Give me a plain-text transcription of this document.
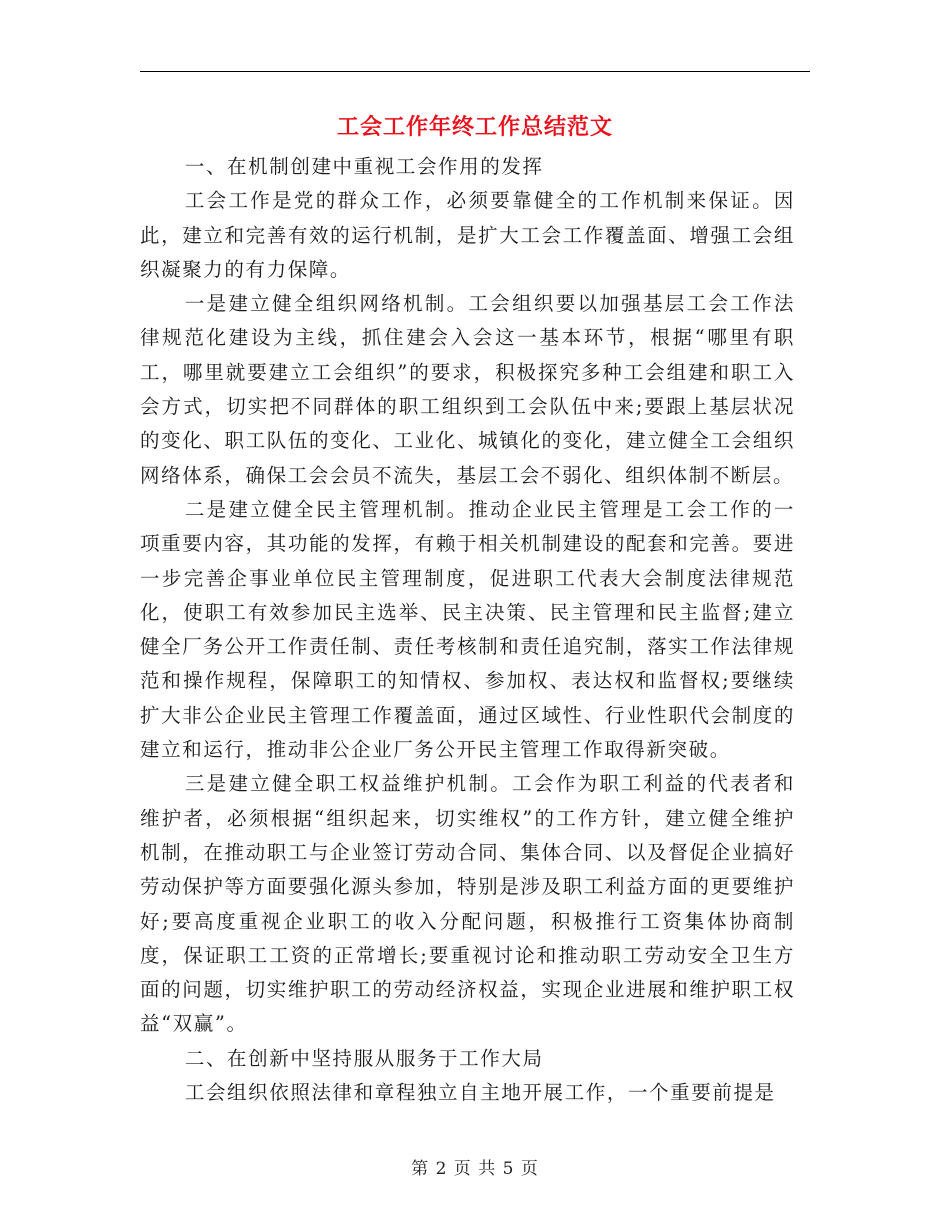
工会工作年终工作总结范文

一、在机制创建中重视工会作用的发挥

工会工作是党的群众工作，必须要靠健全的工作机制来保证。因此，建立和完善有效的运行机制，是扩大工会工作覆盖面、增强工会组织凝聚力的有力保障。

一是建立健全组织网络机制。工会组织要以加强基层工会工作法律规范化建设为主线，抓住建会入会这一基本环节，根据“哪里有职工，哪里就要建立工会组织”的要求，积极探究多种工会组建和职工入会方式，切实把不同群体的职工组织到工会队伍中来;要跟上基层状况的变化、职工队伍的变化、工业化、城镇化的变化，建立健全工会组织网络体系，确保工会会员不流失，基层工会不弱化、组织体制不断层。

二是建立健全民主管理机制。推动企业民主管理是工会工作的一项重要内容，其功能的发挥，有赖于相关机制建设的配套和完善。要进一步完善企事业单位民主管理制度，促进职工代表大会制度法律规范化，使职工有效参加民主选举、民主决策、民主管理和民主监督;建立健全厂务公开工作责任制、责任考核制和责任追究制，落实工作法律规范和操作规程，保障职工的知情权、参加权、表达权和监督权;要继续扩大非公企业民主管理工作覆盖面，通过区域性、行业性职代会制度的建立和运行，推动非公企业厂务公开民主管理工作取得新突破。

三是建立健全职工权益维护机制。工会作为职工利益的代表者和维护者，必须根据“组织起来，切实维权”的工作方针，建立健全维护机制，在推动职工与企业签订劳动合同、集体合同、以及督促企业搞好劳动保护等方面要强化源头参加，特别是涉及职工利益方面的更要维护好;要高度重视企业职工的收入分配问题，积极推行工资集体协商制度，保证职工工资的正常增长;要重视讨论和推动职工劳动安全卫生方面的问题，切实维护职工的劳动经济权益，实现企业进展和维护职工权益“双赢”。

二、在创新中坚持服从服务于工作大局

工会组织依照法律和章程独立自主地开展工作，一个重要前提是

第 2 页 共 5 页
